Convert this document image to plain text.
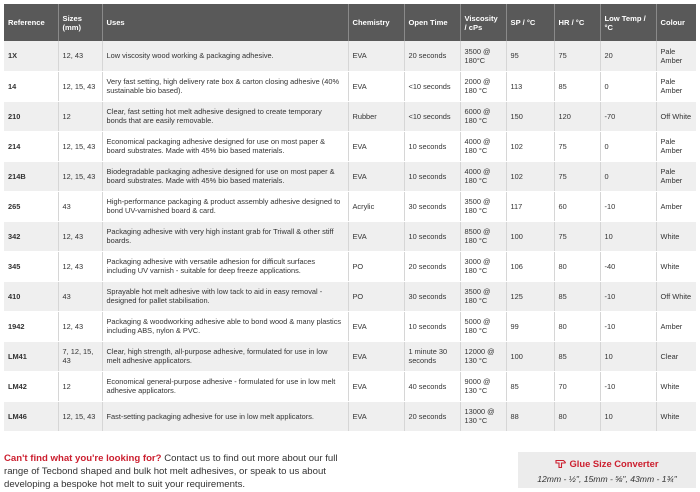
Reference	Sizes (mm)	Uses	Chemistry	Open Time	Viscosity / cPs	SP / °C	HR / °C	Low Temp / °C	Colour
1X	12, 43	Low viscosity wood working & packaging adhesive.	EVA	20 seconds	3500 @ 180°C	95	75	20	Pale Amber
14	12, 15, 43	Very fast setting, high delivery rate box & carton closing adhesive (40% sustainable bio based).	EVA	<10 seconds	2000 @ 180 °C	113	85	0	Pale Amber
210	12	Clear, fast setting hot melt adhesive designed to create temporary bonds that are easily removable.	Rubber	<10 seconds	6000 @ 180 °C	150	120	-70	Off White
214	12, 15, 43	Economical packaging adhesive designed for use on most paper & board substrates. Made with 45% bio based materials.	EVA	10 seconds	4000 @ 180 °C	102	75	0	Pale Amber
214B	12, 15, 43	Biodegradable packaging adhesive designed for use on most paper & board substrates. Made with 45% bio based materials.	EVA	10 seconds	4000 @ 180 °C	102	75	0	Pale Amber
265	43	High-performance packaging & product assembly adhesive designed to bond UV-varnished board & card.	Acrylic	30 seconds	3500 @ 180 °C	117	60	-10	Amber
342	12, 43	Packaging adhesive with very high instant grab for Triwall & other stiff boards.	EVA	10 seconds	8500 @ 180 °C	100	75	10	White
345	12, 43	Packaging adhesive with versatile adhesion for difficult surfaces including UV varnish - suitable for deep freeze applications.	PO	20 seconds	3000 @ 180 °C	106	80	-40	White
410	43	Sprayable hot melt adhesive with low tack to aid in easy removal - designed for pallet stabilisation.	PO	30 seconds	3500 @ 180 °C	125	85	-10	Off White
1942	12, 43	Packaging & woodworking adhesive able to bond wood & many plastics including ABS, nylon & PVC.	EVA	10 seconds	5000 @ 180 °C	99	80	-10	Amber
LM41	7, 12, 15, 43	Clear, high strength, all-purpose adhesive, formulated for use in low melt adhesive applicators.	EVA	1 minute 30 seconds	12000 @ 130 °C	100	85	10	Clear
LM42	12	Economical general-purpose adhesive - formulated for use in low melt adhesive applicators.	EVA	40 seconds	9000 @ 130 °C	85	70	-10	White
LM46	12, 15, 43	Fast-setting packaging adhesive for use in low melt applicators.	EVA	20 seconds	13000 @ 130 °C	88	80	10	White
Can't find what you're looking for? Contact us to find out more about our full range of Tecbond shaped and bulk hot melt adhesives, or speak to us about developing a bespoke hot melt to suit your requirements.
Glue Size Converter
12mm - ½", 15mm - ⅝", 43mm - 1¾"
